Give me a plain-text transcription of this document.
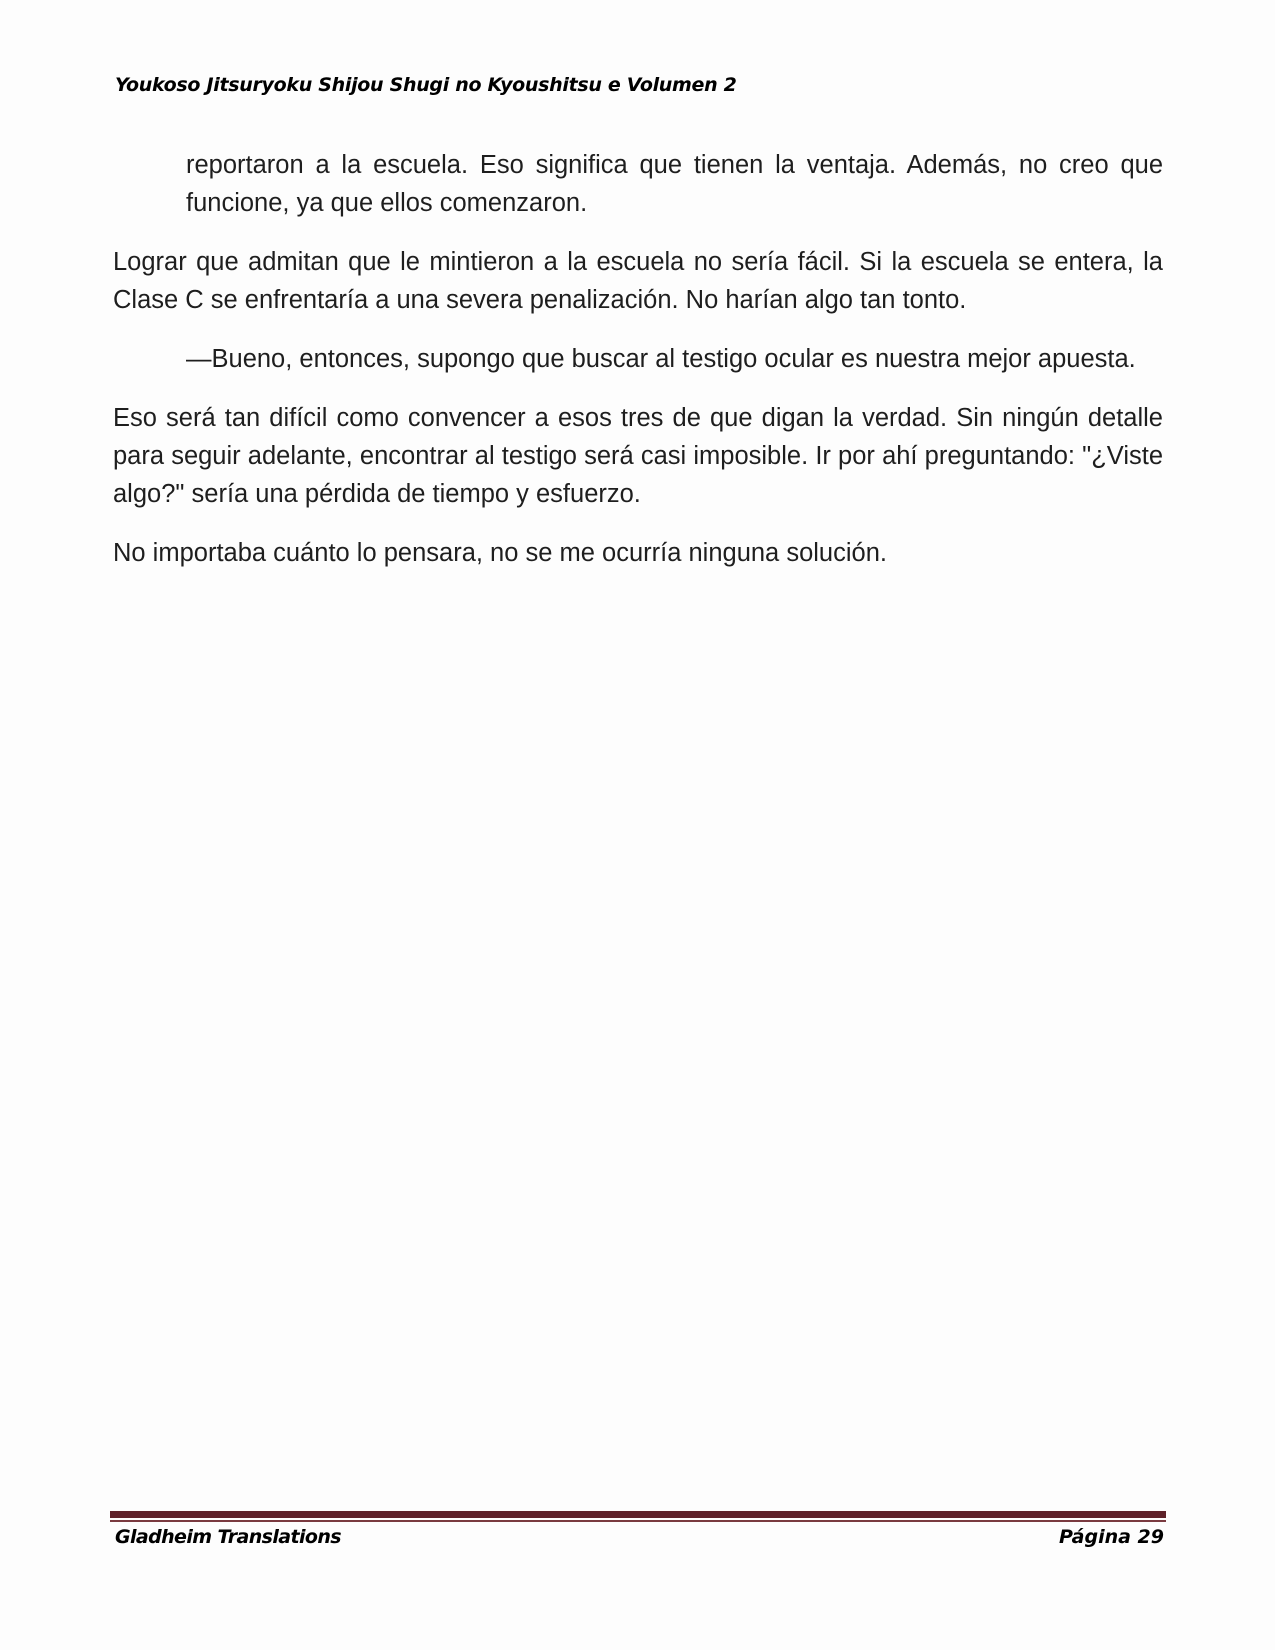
Youkoso Jitsuryoku Shijou Shugi no Kyoushitsu e Volumen 2

reportaron a la escuela. Eso significa que tienen la ventaja. Además, no creo que funcione, ya que ellos comenzaron.

Lograr que admitan que le mintieron a la escuela no sería fácil. Si la escuela se entera, la Clase C se enfrentaría a una severa penalización. No harían algo tan tonto.

—Bueno, entonces, supongo que buscar al testigo ocular es nuestra mejor apuesta.

Eso será tan difícil como convencer a esos tres de que digan la verdad. Sin ningún detalle para seguir adelante, encontrar al testigo será casi imposible. Ir por ahí preguntando: "¿Viste algo?" sería una pérdida de tiempo y esfuerzo.

No importaba cuánto lo pensara, no se me ocurría ninguna solución.

Gladheim Translations	Página 29
